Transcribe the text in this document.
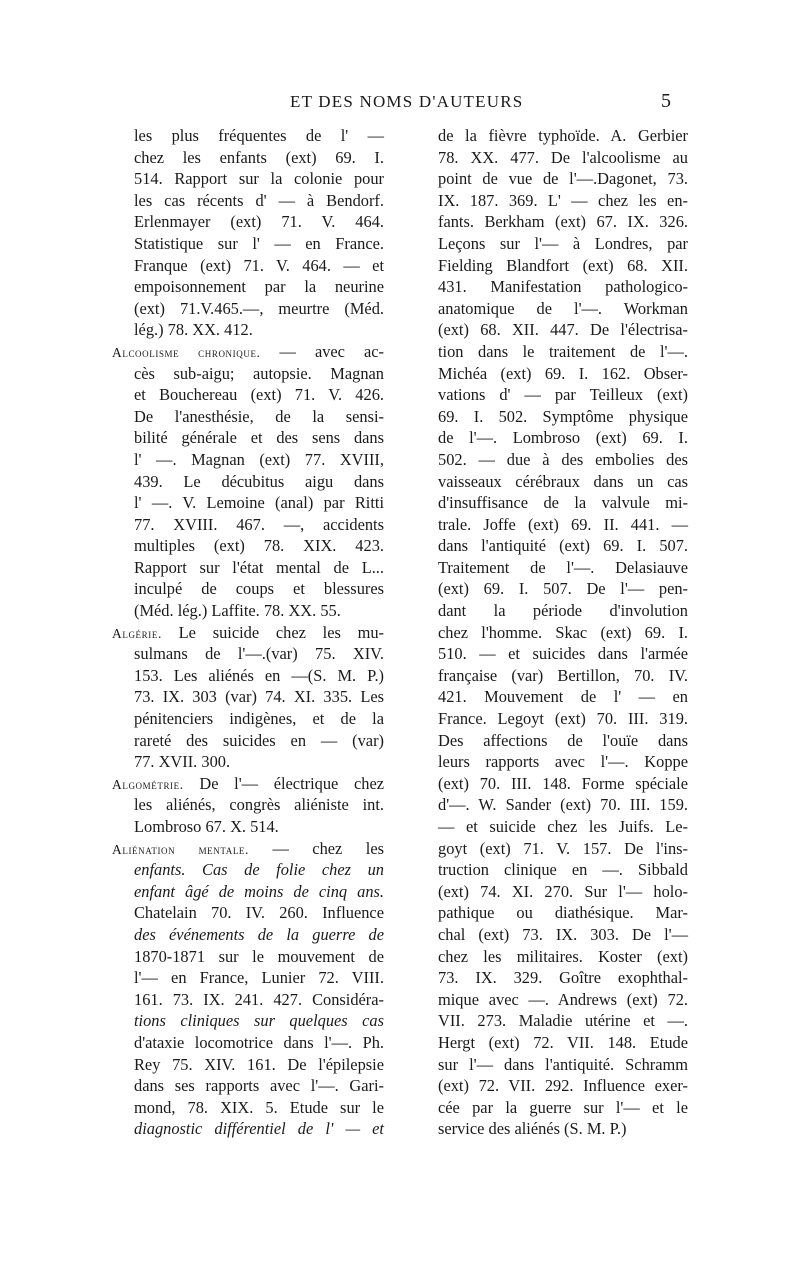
ET DES NOMS D'AUTEURS	5
les plus fréquentes de l' —
chez les enfants (ext) 69. I.
514. Rapport sur la colonie pour
les cas récents d' — à Bendorf.
Erlenmayer (ext) 71. V. 464.
Statistique sur l' — en France.
Franque (ext) 71. V. 464. — et
empoisonnement par la neurine
(ext) 71.V.465.—, meurtre (Méd.
lég.) 78. XX. 412.
Alcoolisme chronique. — avec ac-
cès sub-aigu; autopsie. Magnan
et Bouchereau (ext) 71. V. 426.
De l'anesthésie, de la sensi-
bilité générale et des sens dans
l' —. Magnan (ext) 77. XVIII,
439. Le décubitus aigu dans
l' —. V. Lemoine (anal) par Ritti
77. XVIII. 467. —, accidents
multiples (ext) 78. XIX. 423.
Rapport sur l'état mental de L...
inculpé de coups et blessures
(Méd. lég.) Laffite. 78. XX. 55.
Algérie. Le suicide chez les mu-
sulmans de l'—.(var) 75. XIV.
153. Les aliénés en —(S. M. P.)
73. IX. 303 (var) 74. XI. 335. Les
pénitenciers indigènes, et de la
rareté des suicides en — (var)
77. XVII. 300.
Algométrie. De l'— électrique chez
les aliénés, congrès aliéniste int.
Lombroso 67. X. 514.
Aliénation mentale. — chez les
enfants. Cas de folie chez un
enfant âgé de moins de cinq ans.
Chatelain 70. IV. 260. Influence
des événements de la guerre de
1870-1871 sur le mouvement de
l'— en France, Lunier 72. VIII.
161. 73. IX. 241. 427. Considéra-
tions cliniques sur quelques cas
d'ataxie locomotrice dans l'—. Ph.
Rey 75. XIV. 161. De l'épilepsie
dans ses rapports avec l'—. Gari-
mond, 78. XIX. 5. Etude sur le
diagnostic différentiel de l' — et
de la fièvre typhoïde. A. Gerbier
78. XX. 477. De l'alcoolisme au
point de vue de l'—.Dagonet, 73.
IX. 187. 369. L' — chez les en-
fants. Berkham (ext) 67. IX. 326.
Leçons sur l'— à Londres, par
Fielding Blandfort (ext) 68. XII.
431. Manifestation pathologico-
anatomique de l'—. Workman
(ext) 68. XII. 447. De l'électrisa-
tion dans le traitement de l'—.
Michéa (ext) 69. I. 162. Obser-
vations d' — par Teilleux (ext)
69. I. 502. Symptôme physique
de l'—. Lombroso (ext) 69. I.
502. — due à des embolies des
vaisseaux cérébraux dans un cas
d'insuffisance de la valvule mi-
trale. Joffe (ext) 69. II. 441. —
dans l'antiquité (ext) 69. I. 507.
Traitement de l'—. Delasiauve
(ext) 69. I. 507. De l'— pen-
dant la période d'involution
chez l'homme. Skac (ext) 69. I.
510. — et suicides dans l'armée
française (var) Bertillon, 70. IV.
421. Mouvement de l' — en
France. Legoyt (ext) 70. III. 319.
Des affections de l'ouïe dans
leurs rapports avec l'—. Koppe
(ext) 70. III. 148. Forme spéciale
d'—. W. Sander (ext) 70. III. 159.
— et suicide chez les Juifs. Le-
goyt (ext) 71. V. 157. De l'ins-
truction clinique en —. Sibbald
(ext) 74. XI. 270. Sur l'— holo-
pathique ou diathésique. Mar-
chal (ext) 73. IX. 303. De l'—
chez les militaires. Koster (ext)
73. IX. 329. Goître exophthal-
mique avec —. Andrews (ext) 72.
VII. 273. Maladie utérine et —.
Hergt (ext) 72. VII. 148. Etude
sur l'— dans l'antiquité. Schramm
(ext) 72. VII. 292. Influence exer-
cée par la guerre sur l'— et le
service des aliénés (S. M. P.)
